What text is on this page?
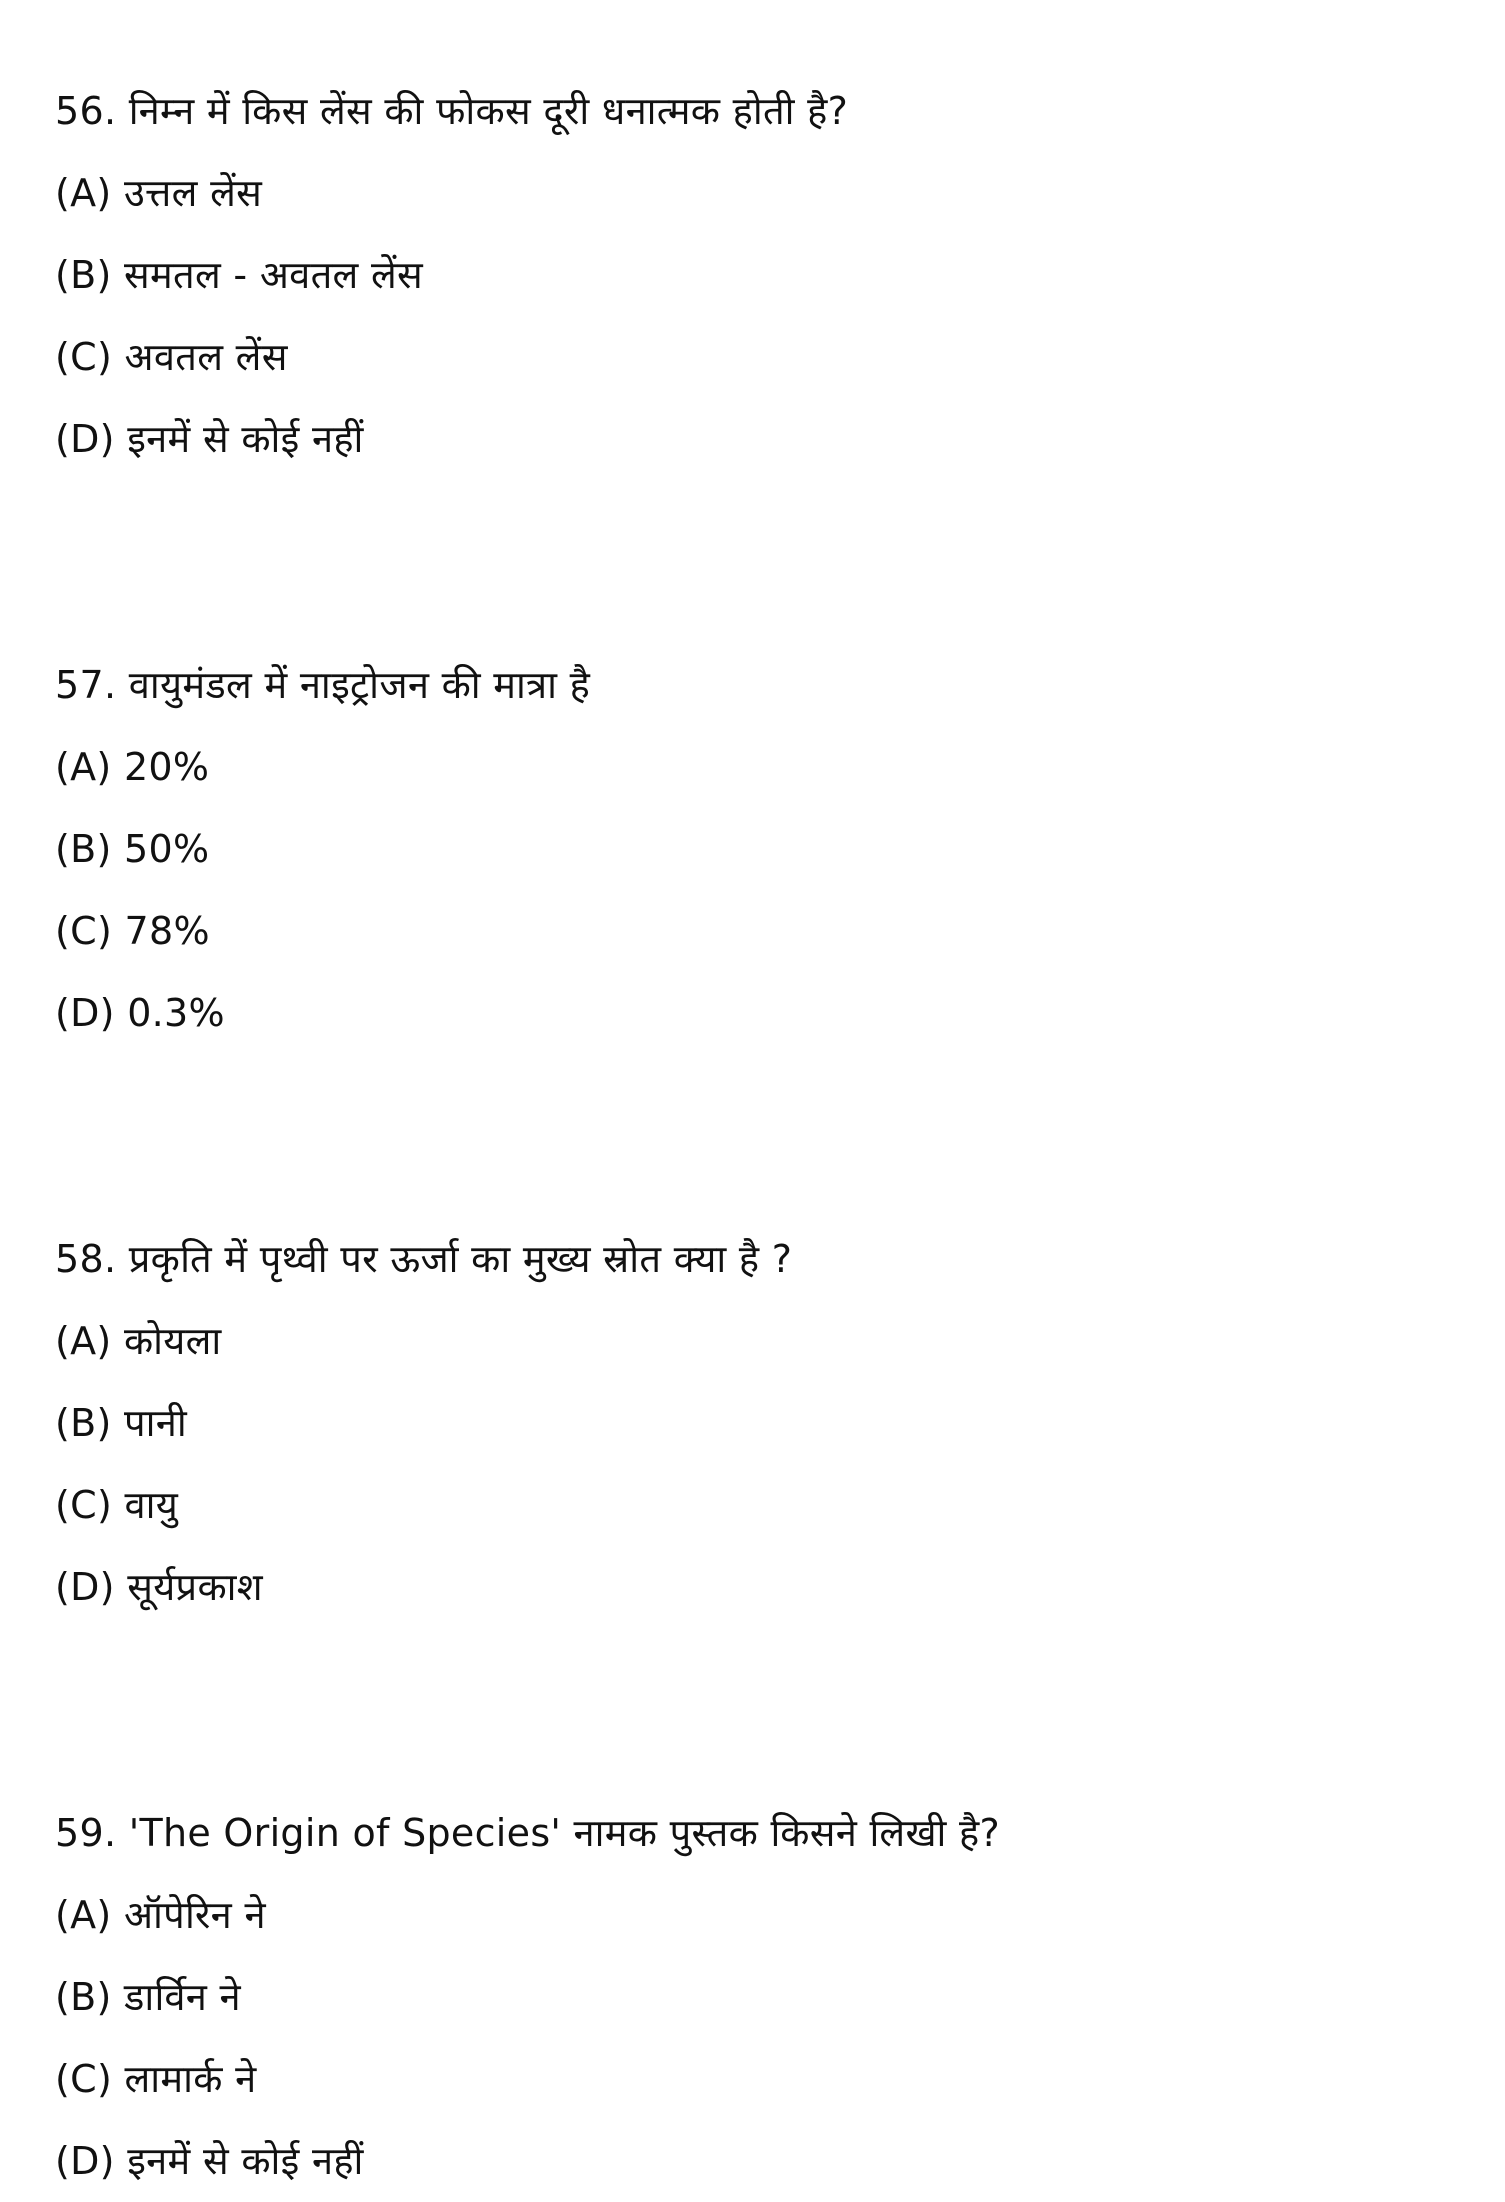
56. निम्न में किस लेंस की फोकस दूरी धनात्मक होती है?
(A) उत्तल लेंस
(B) समतल - अवतल लेंस
(C) अवतल लेंस
(D) इनमें से कोई नहीं
57. वायुमंडल में नाइट्रोजन की मात्रा है
(A) 20%
(B) 50%
(C) 78%
(D) 0.3%
58. प्रकृति में पृथ्वी पर ऊर्जा का मुख्य स्रोत क्या है ?
(A) कोयला
(B) पानी
(C) वायु
(D) सूर्यप्रकाश
59. 'The Origin of Species' नामक पुस्तक किसने लिखी है?
(A) ऑपेरिन ने
(B) डार्विन ने
(C) लामार्क ने
(D) इनमें से कोई नहीं
